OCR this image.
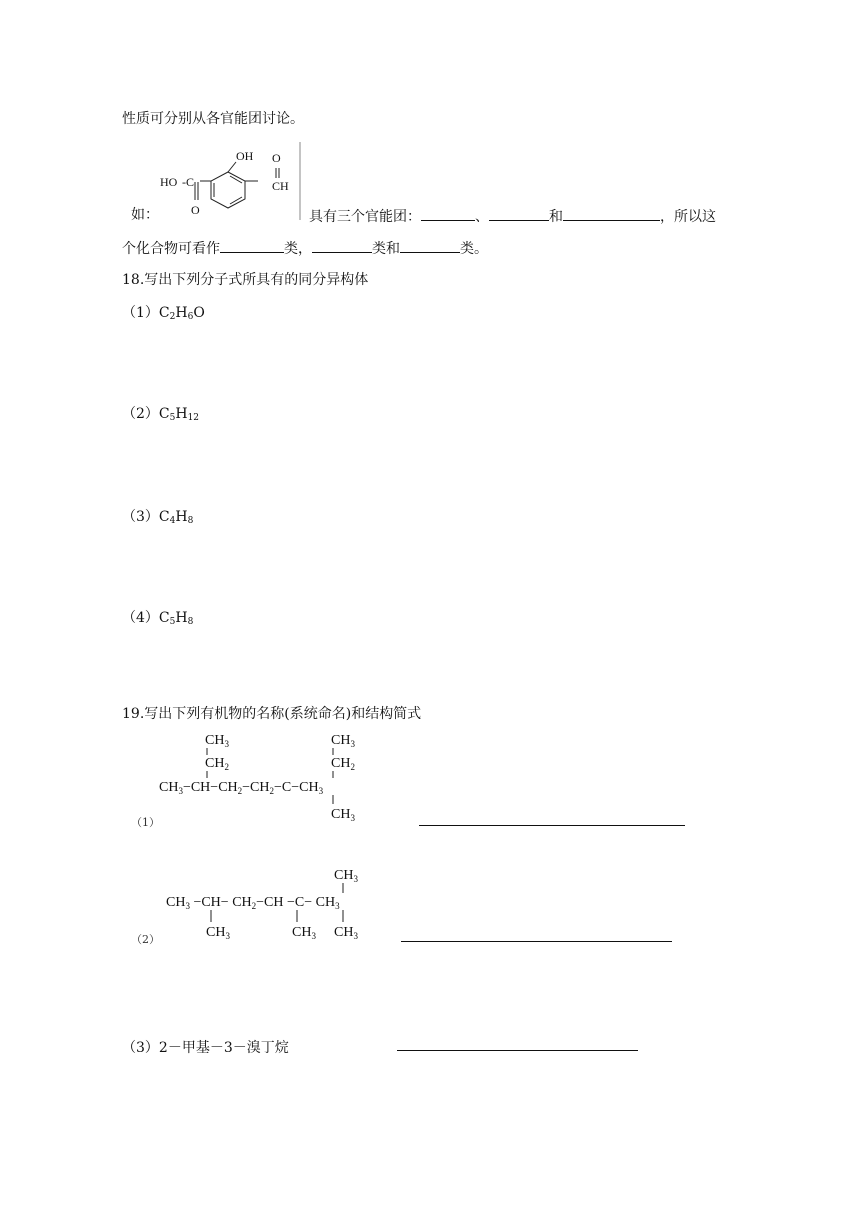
性质可分别从各官能团讨论。
OH
HO -C
O
O
CH
如：	具有三个官能团：	、	和	，所以这
个化合物可看作	类，	类和	类。
18.写出下列分子式所具有的同分异构体
$(1)C_2H_6O$
$(2)C_5H_{12}$
$(3)C_4H_8$
$(4)C_5H_8$
19.写出下列有机物的名称(系统命名)和结构简式
$CH_3$
$CH_2$
$CH_3$
$CH_2$
$CH_3-CH-CH_2-CH_2-C-CH_3$
$CH_3$
（1）
$CH_3$
$CH_3 -CH- CH_2-CH -C- CH_3$
$CH_3$	$CH_3$ $CH_3$
（2）
（3）2－甲基－3－溴丁烷
